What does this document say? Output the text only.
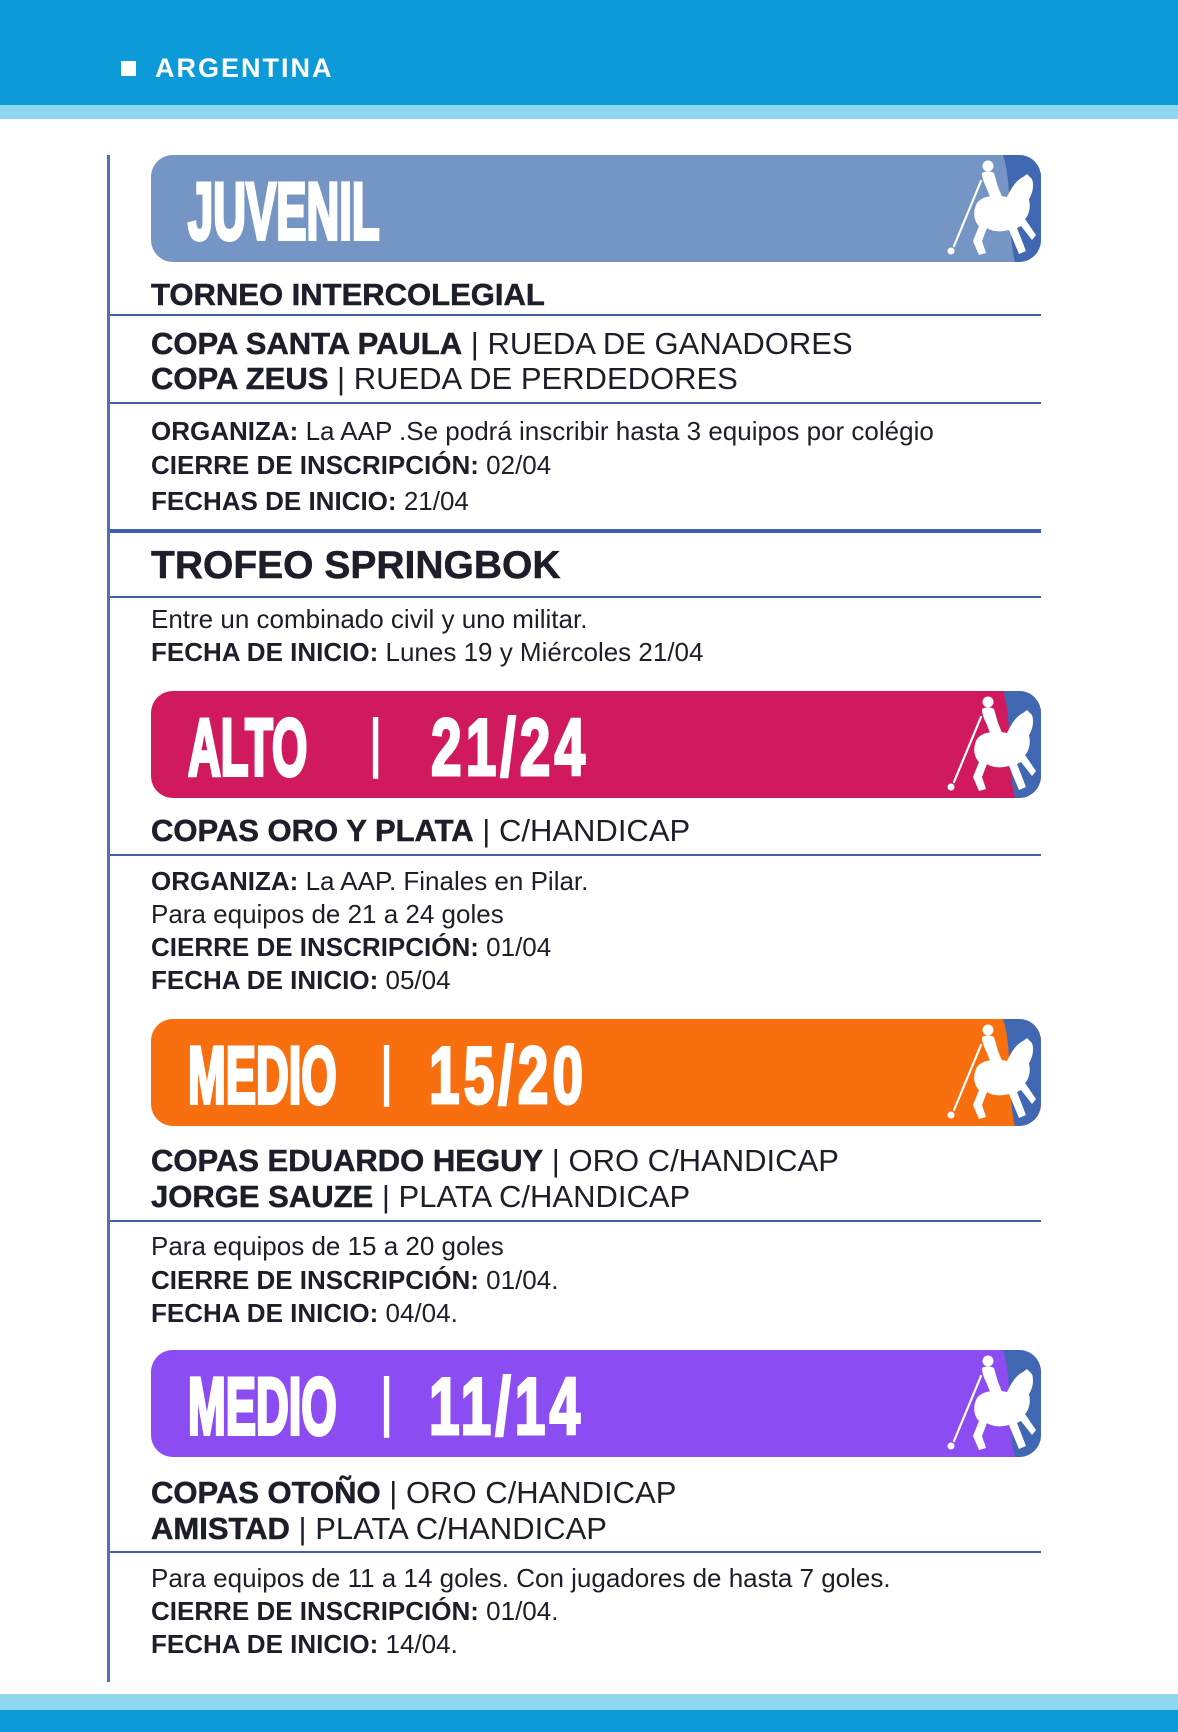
ARGENTINA
JUVENIL
TORNEO INTERCOLEGIAL
COPA SANTA PAULA | RUEDA DE GANADORES
COPA ZEUS | RUEDA DE PERDEDORES
ORGANIZA: La AAP .Se podrá inscribir hasta 3 equipos por colégio
CIERRE DE INSCRIPCIÓN: 02/04
FECHAS DE INICIO: 21/04
TROFEO SPRINGBOK
Entre un combinado civil y uno militar.
FECHA DE INICIO: Lunes 19 y Miércoles 21/04
ALTO | 21/24
COPAS ORO Y PLATA | C/HANDICAP
ORGANIZA: La AAP. Finales en Pilar.
Para equipos de 21 a 24 goles
CIERRE DE INSCRIPCIÓN: 01/04
FECHA DE INICIO: 05/04
MEDIO | 15/20
COPAS EDUARDO HEGUY | ORO C/HANDICAP
JORGE SAUZE | PLATA C/HANDICAP
Para equipos de 15 a 20 goles
CIERRE DE INSCRIPCIÓN: 01/04.
FECHA DE INICIO: 04/04.
MEDIO | 11/14
COPAS OTOÑO | ORO C/HANDICAP
AMISTAD | PLATA C/HANDICAP
Para equipos de 11 a 14 goles. Con jugadores de hasta 7 goles.
CIERRE DE INSCRIPCIÓN: 01/04.
FECHA DE INICIO: 14/04.
